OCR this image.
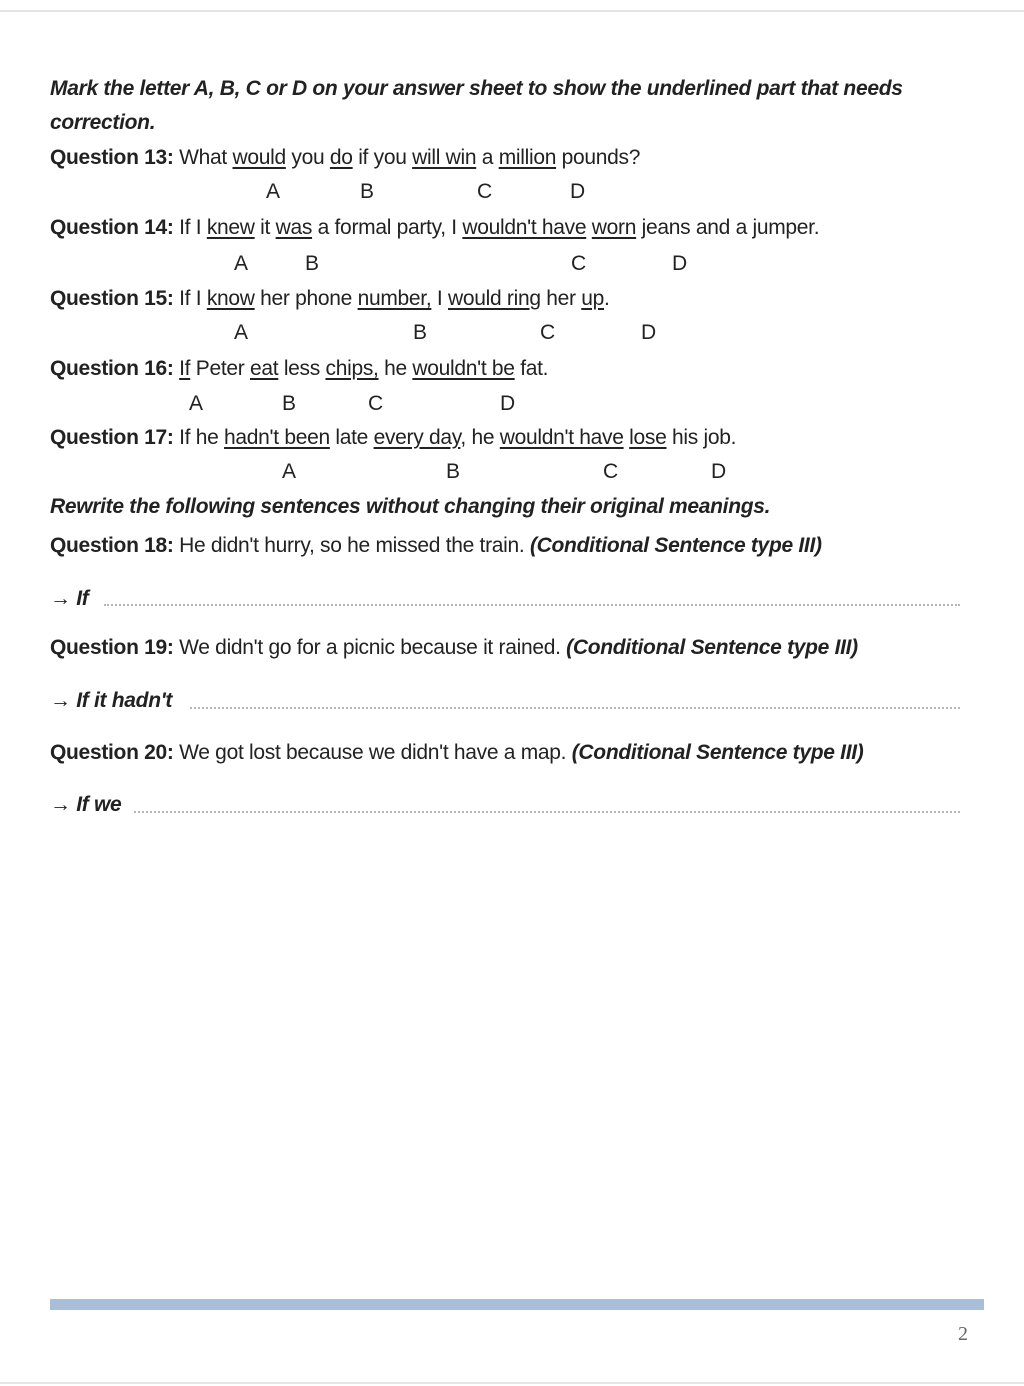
Mark the letter A, B, C or D on your answer sheet to show the underlined part that needs correction.
Question 13: What would you do if you will win a million pounds?
A	B	C	D
Question 14: If I knew it was a formal party, I wouldn't have worn jeans and a jumper.
A	B	C	D
Question 15: If I know her phone number, I would ring her up.
A	B	C	D
Question 16: If Peter eat less chips, he wouldn't be fat.
A	B	C	D
Question 17: If he hadn't been late every day, he wouldn't have lose his job.
A	B	C	D
Rewrite the following sentences without changing their original meanings.
Question 18: He didn't hurry, so he missed the train. (Conditional Sentence type III)
→ If
Question 19: We didn't go for a picnic because it rained. (Conditional Sentence type III)
→ If it hadn't
Question 20: We got lost because we didn't have a map. (Conditional Sentence type III)
→ If we
2
